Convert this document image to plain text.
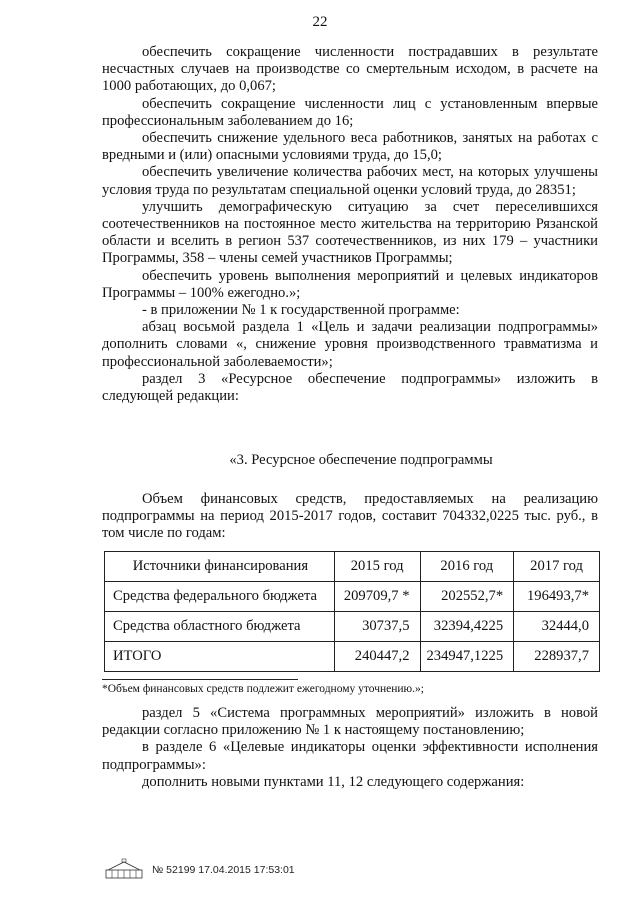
22

обеспечить сокращение численности пострадавших в результате несчастных случаев на производстве со смертельным исходом, в расчете на 1000 работающих, до 0,067;

обеспечить сокращение численности лиц с установленным впервые профессиональным заболеванием до 16;

обеспечить снижение удельного веса работников, занятых на работах с вредными и (или) опасными условиями труда, до 15,0;

обеспечить увеличение количества рабочих мест, на которых улучшены условия труда по результатам специальной оценки условий труда, до 28351;

улучшить демографическую ситуацию за счет переселившихся соотечественников на постоянное место жительства на территорию Рязанской области и вселить в регион 537 соотечественников, из них 179 – участники Программы, 358 – члены семей участников Программы;

обеспечить уровень выполнения мероприятий и целевых индикаторов Программы – 100% ежегодно.»;

- в приложении № 1 к государственной программе:

абзац восьмой раздела 1 «Цель и задачи реализации подпрограммы» дополнить словами «, снижение уровня производственного травматизма и профессиональной заболеваемости»;

раздел 3 «Ресурсное обеспечение подпрограммы» изложить в следующей редакции:

«3. Ресурсное обеспечение подпрограммы

Объем финансовых средств, предоставляемых на реализацию подпрограммы на период 2015-2017 годов, составит 704332,0225 тыс. руб., в том числе по годам:

Источники финансирования	2015 год	2016 год	2017 год
Средства федерального бюджета	209709,7 *	202552,7*	196493,7*
Средства областного бюджета	30737,5	32394,4225	32444,0
ИТОГО	240447,2	234947,1225	228937,7
*Объем финансовых средств подлежит ежегодному уточнению.»;

раздел 5 «Система программных мероприятий» изложить в новой редакции согласно приложению № 1 к настоящему постановлению;

в разделе 6 «Целевые индикаторы оценки эффективности исполнения подпрограммы»:

дополнить новыми пунктами 11, 12 следующего содержания:

№ 52199 17.04.2015 17:53:01
